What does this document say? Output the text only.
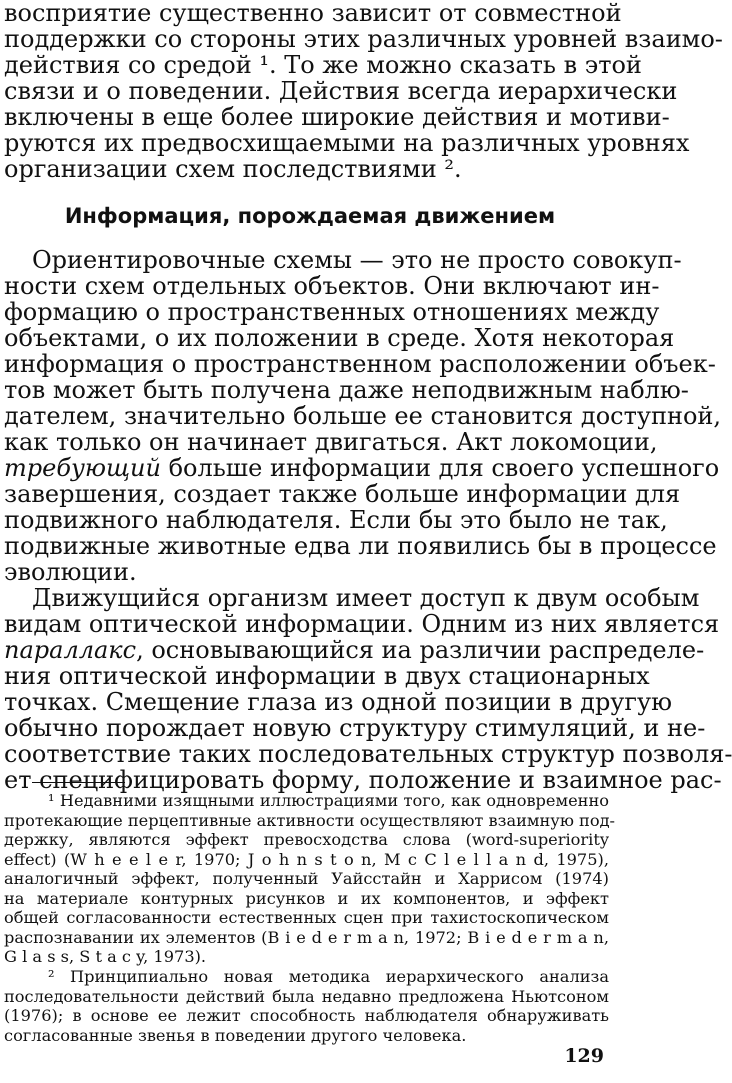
восприятие существенно зависит от совместной
поддержки со стороны этих различных уровней взаимо-
действия со средой ¹. То же можно сказать в этой
связи и о поведении. Действия всегда иерархически
включены в еще более широкие действия и мотиви-
руются их предвосхищаемыми на различных уровнях
организации схем последствиями ².
Информация, порождаемая движением
Ориентировочные схемы — это не просто совокуп-
ности схем отдельных объектов. Они включают ин-
формацию о пространственных отношениях между
объектами, о их положении в среде. Хотя некоторая
информация о пространственном расположении объек-
тов может быть получена даже неподвижным наблю-
дателем, значительно больше ее становится доступной,
как только он начинает двигаться. Акт локомоции,
требующий больше информации для своего успешного
завершения, создает также больше информации для
подвижного наблюдателя. Если бы это было не так,
подвижные животные едва ли появились бы в процессе
эволюции.
Движущийся организм имеет доступ к двум особым
видам оптической информации. Одним из них является
параллакс, основывающийся иа различии распределе-
ния оптической информации в двух стационарных
точках. Смещение глаза из одной позиции в другую
обычно порождает новую структуру стимуляций, и не-
соответствие таких последовательных структур позволя-
ет специфицировать форму, положение и взаимное рас-
¹ Недавними изящными иллюстрациями того, как одновременно
протекающие перцептивные активности осуществляют взаимную под-
держку, являются эффект превосходства слова (word-superiority
effect) (W h e e l e r, 1970; J o h n s t o n, M c C l e l l a n d, 1975),
аналогичный эффект, полученный Уайсстайн и Харрисом (1974)
на материале контурных рисунков и их компонентов, и эффект
общей согласованности естественных сцен при тахистоскопическом
распознавании их элементов (B i e d e r m a n, 1972; B i e d e r m a n,
G l a s s, S t a c y, 1973).
² Принципиально новая методика иерархического анализа
последовательности действий была недавно предложена Ньютсоном
(1976); в основе ее лежит способность наблюдателя обнаруживать
согласованные звенья в поведении другого человека.
129
